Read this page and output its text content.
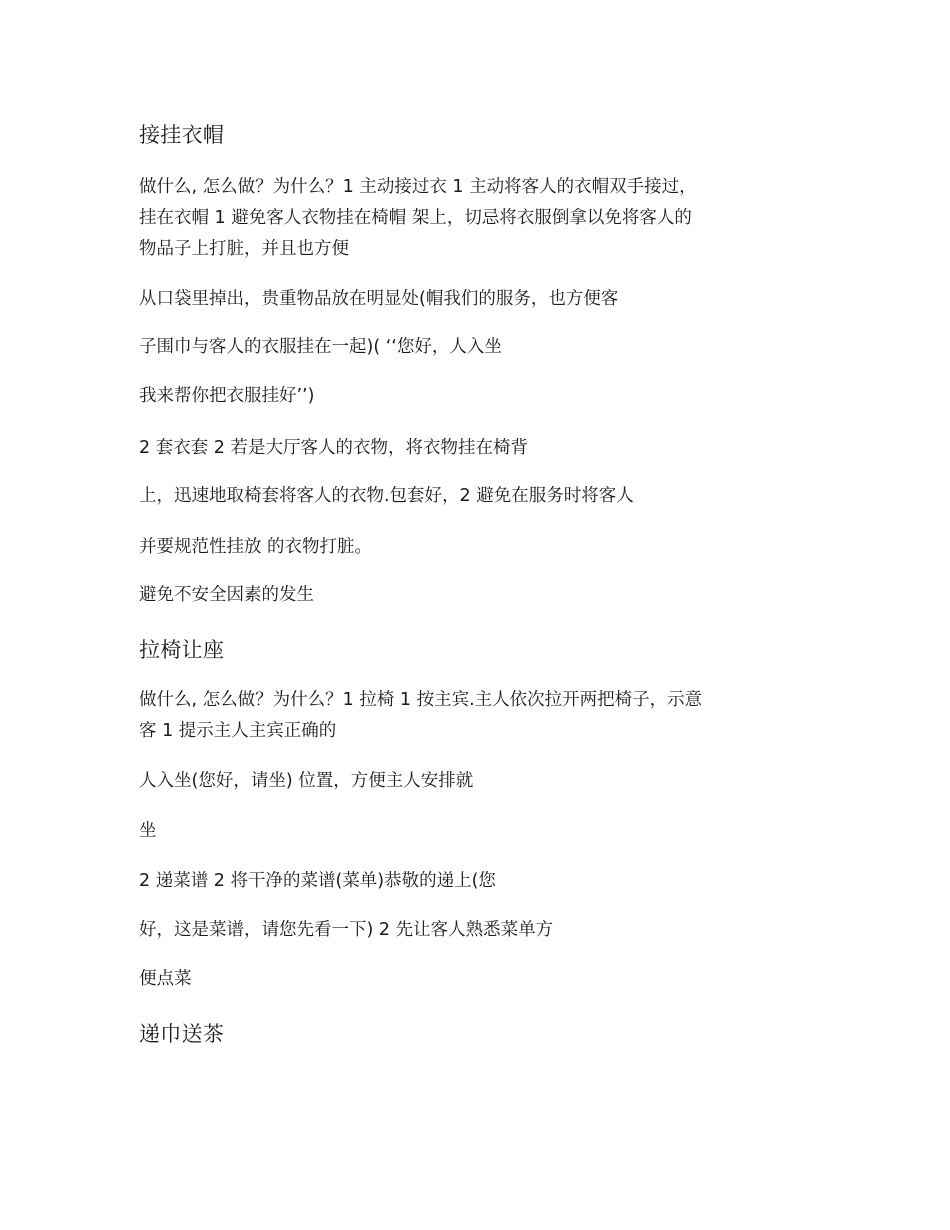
接挂衣帽
做什么, 怎么做？为什么？1 主动接过衣 1 主动将客人的衣帽双手接过，
挂在衣帽 1 避免客人衣物挂在椅帽 架上，切忌将衣服倒拿以免将客人的
物品子上打脏，并且也方便
从口袋里掉出，贵重物品放在明显处(帽我们的服务，也方便客
子围巾与客人的衣服挂在一起)( ‘‘您好，人入坐
我来帮你把衣服挂好’’)
2 套衣套 2 若是大厅客人的衣物，将衣物挂在椅背
上，迅速地取椅套将客人的衣物.包套好，2 避免在服务时将客人
并要规范性挂放 的衣物打脏。
避免不安全因素的发生
拉椅让座
做什么, 怎么做？为什么？1 拉椅 1 按主宾.主人依次拉开两把椅子，示意
客 1 提示主人主宾正确的
人入坐(您好，请坐) 位置，方便主人安排就
坐
2 递菜谱 2 将干净的菜谱(菜单)恭敬的递上(您
好，这是菜谱，请您先看一下) 2 先让客人熟悉菜单方
便点菜
递巾送茶
